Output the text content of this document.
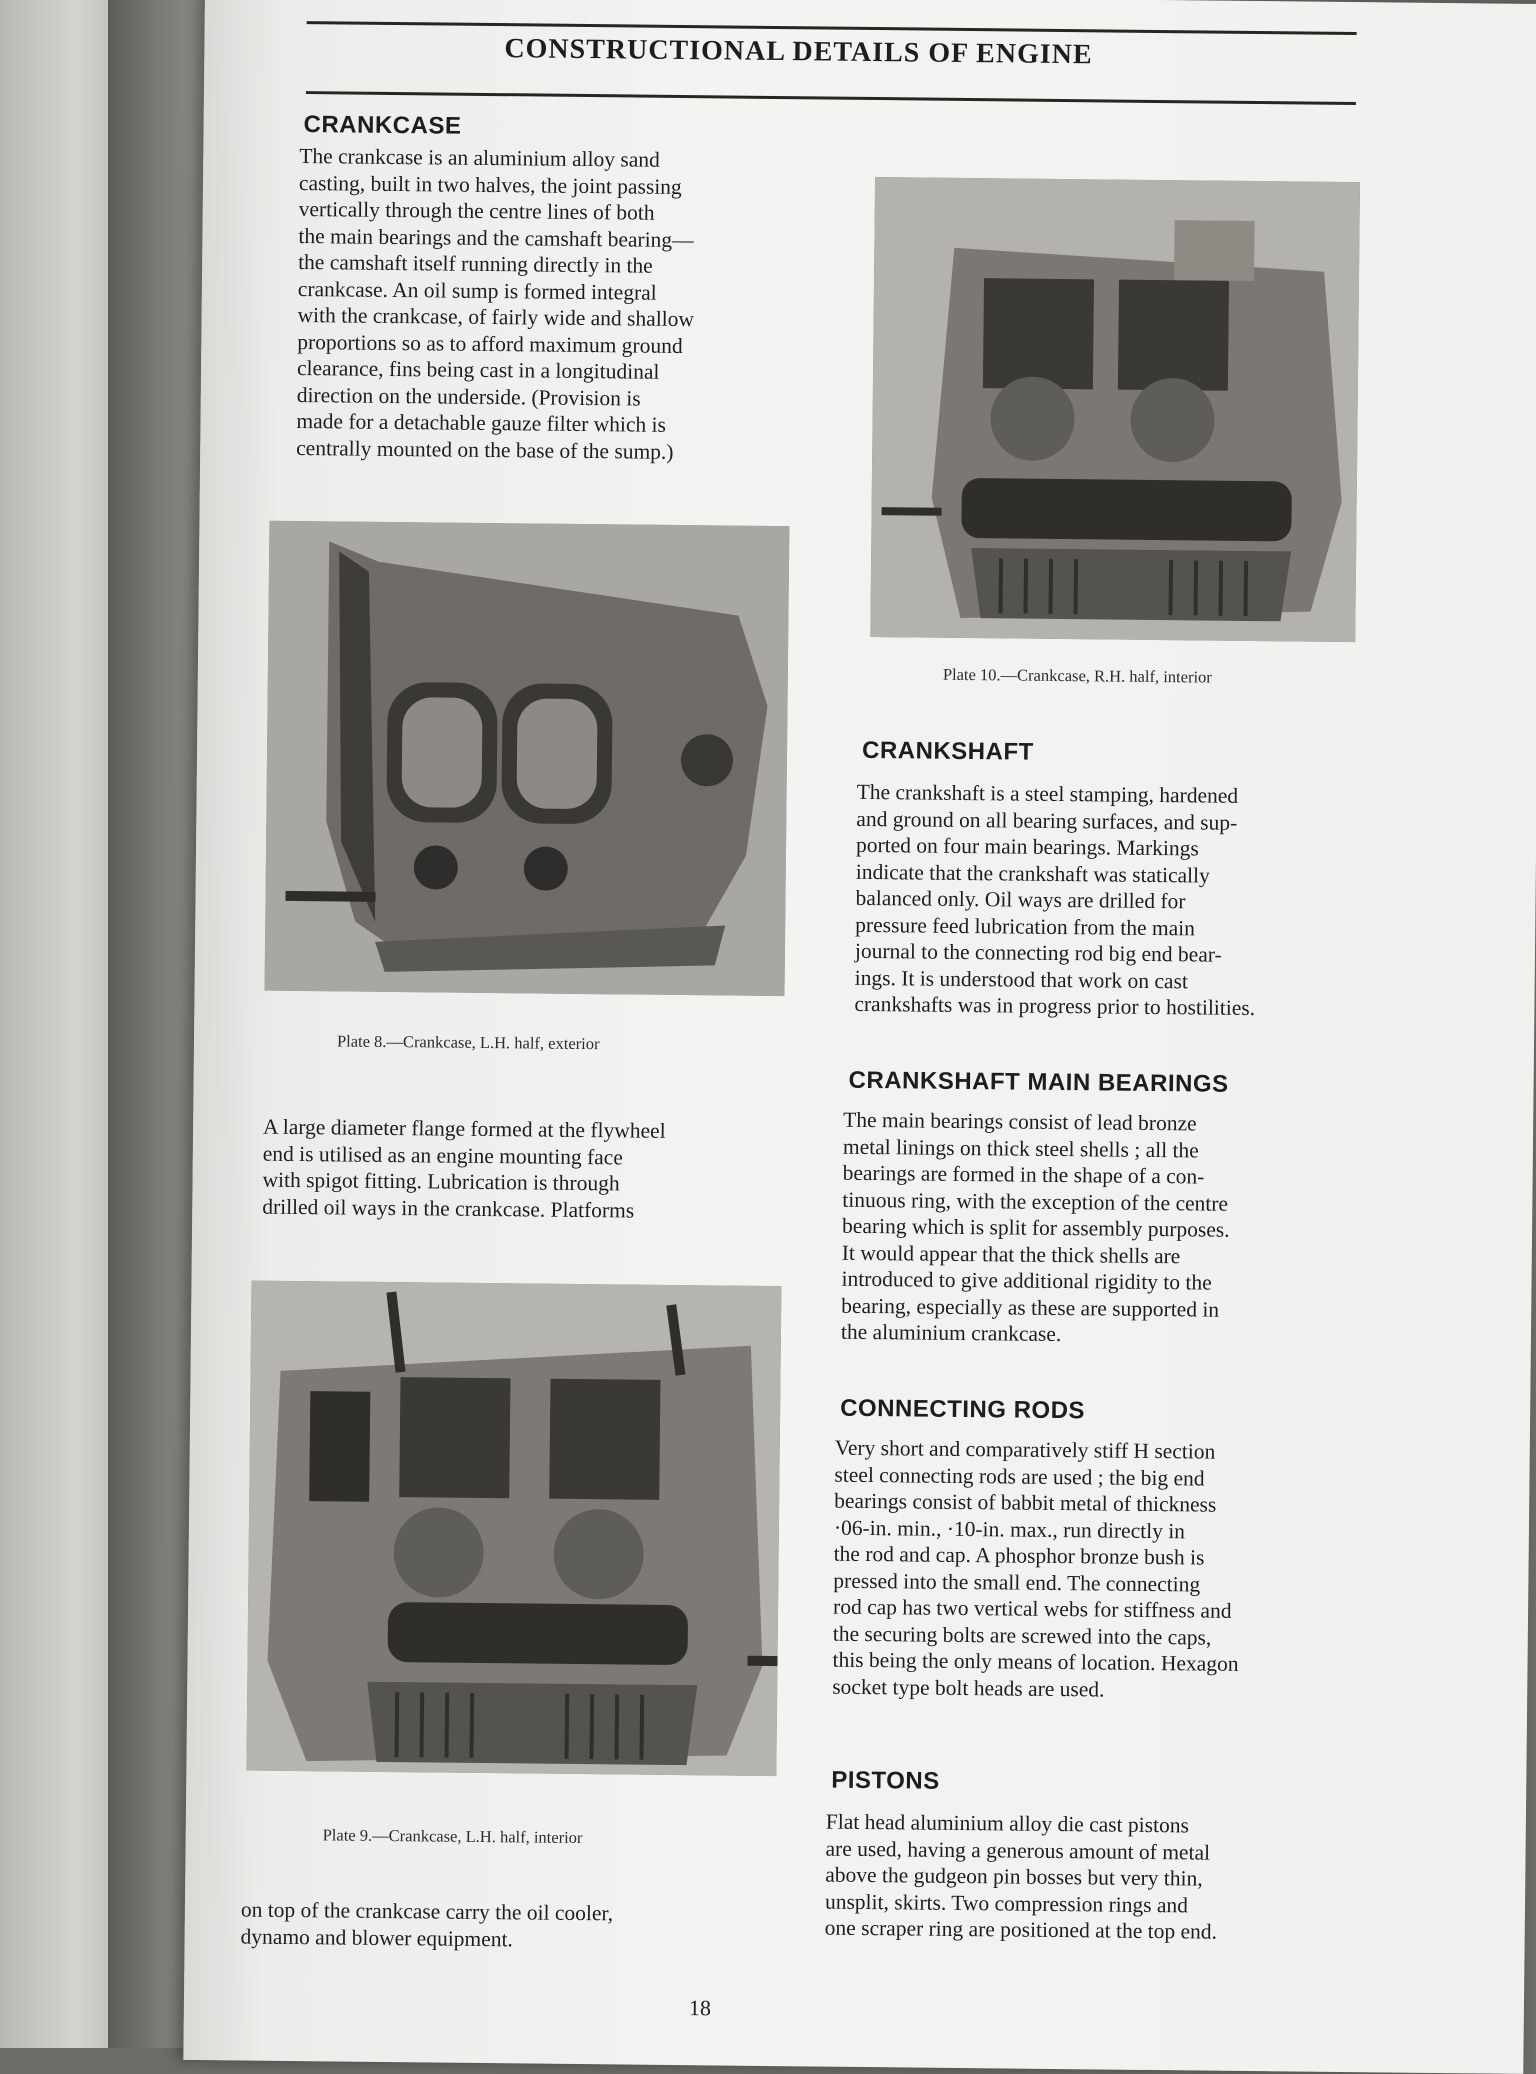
CONSTRUCTIONAL DETAILS OF ENGINE
CRANKCASE
The crankcase is an aluminium alloy sand
casting, built in two halves, the joint passing
vertically through the centre lines of both
the main bearings and the camshaft bearing—
the camshaft itself running directly in the
crankcase. An oil sump is formed integral
with the crankcase, of fairly wide and shallow
proportions so as to afford maximum ground
clearance, fins being cast in a longitudinal
direction on the underside. (Provision is
made for a detachable gauze filter which is
centrally mounted on the base of the sump.)
Plate 8.—Crankcase, L.H. half, exterior
A large diameter flange formed at the flywheel
end is utilised as an engine mounting face
with spigot fitting. Lubrication is through
drilled oil ways in the crankcase. Platforms
Plate 9.—Crankcase, L.H. half, interior
on top of the crankcase carry the oil cooler,
dynamo and blower equipment.
Plate 10.—Crankcase, R.H. half, interior
CRANKSHAFT
The crankshaft is a steel stamping, hardened
and ground on all bearing surfaces, and sup-
ported on four main bearings. Markings
indicate that the crankshaft was statically
balanced only. Oil ways are drilled for
pressure feed lubrication from the main
journal to the connecting rod big end bear-
ings. It is understood that work on cast
crankshafts was in progress prior to hostilities.
CRANKSHAFT MAIN BEARINGS
The main bearings consist of lead bronze
metal linings on thick steel shells ; all the
bearings are formed in the shape of a con-
tinuous ring, with the exception of the centre
bearing which is split for assembly purposes.
It would appear that the thick shells are
introduced to give additional rigidity to the
bearing, especially as these are supported in
the aluminium crankcase.
CONNECTING RODS
Very short and comparatively stiff H section
steel connecting rods are used ; the big end
bearings consist of babbit metal of thickness
·06-in. min., ·10-in. max., run directly in
the rod and cap. A phosphor bronze bush is
pressed into the small end. The connecting
rod cap has two vertical webs for stiffness and
the securing bolts are screwed into the caps,
this being the only means of location. Hexagon
socket type bolt heads are used.
PISTONS
Flat head aluminium alloy die cast pistons
are used, having a generous amount of metal
above the gudgeon pin bosses but very thin,
unsplit, skirts. Two compression rings and
one scraper ring are positioned at the top end.
18
